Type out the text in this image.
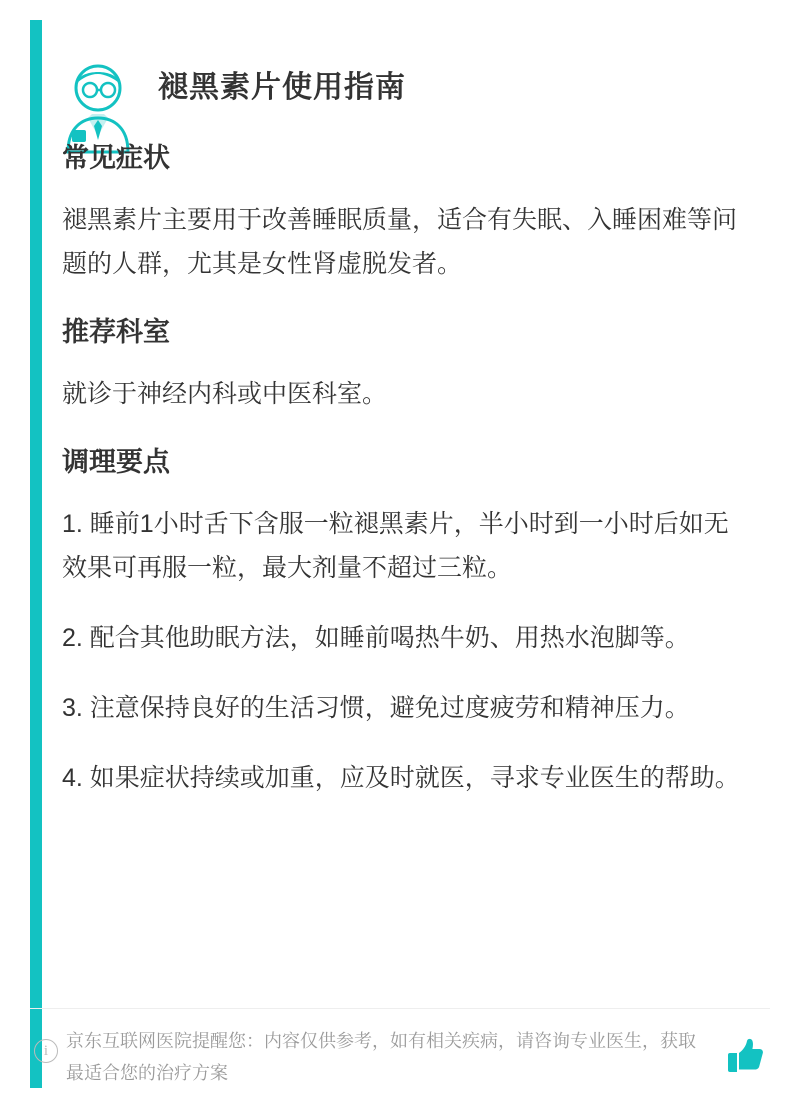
褪黑素片使用指南
常见症状

褪黑素片主要用于改善睡眠质量，适合有失眠、入睡困难等问题的人群，尤其是女性肾虚脱发者。

推荐科室

就诊于神经内科或中医科室。

调理要点
1. 睡前1小时舌下含服一粒褪黑素片，半小时到一小时后如无效果可再服一粒，最大剂量不超过三粒。
2. 配合其他助眠方法，如睡前喝热牛奶、用热水泡脚等。
3. 注意保持良好的生活习惯，避免过度疲劳和精神压力。
4. 如果症状持续或加重，应及时就医，寻求专业医生的帮助。
i 京东互联网医院提醒您：内容仅供参考，如有相关疾病，请咨询专业医生，获取最适合您的治疗方案
